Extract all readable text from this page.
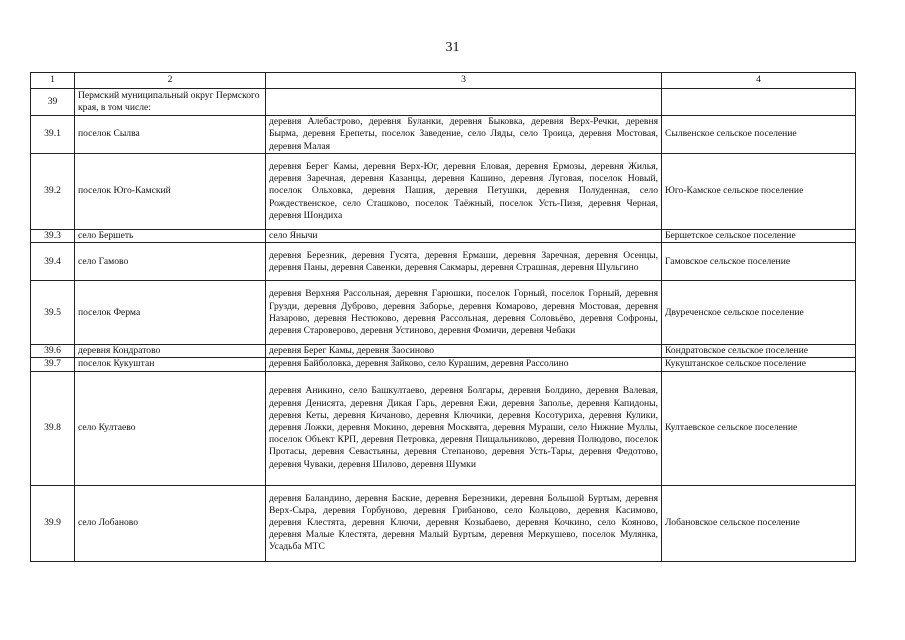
31
1	2	3	4
39	Пермский муниципальный округ Пермского края, в том числе:		
39.1	поселок Сылва	деревня Алебастрово, деревня Буланки, деревня Быковка, деревня Верх-Речки, деревня Бырма, деревня Ерепеты, поселок Заведение, село Ляды, село Троица, деревня Мостовая, деревня Малая	Сылвенское сельское поселение
39.2	поселок Юго-Камский	деревня Берег Камы, деревня Верх-Юг, деревня Еловая, деревня Ермозы, деревня Жилья, деревня Заречная, деревня Казанцы, деревня Кашино, деревня Луговая, поселок Новый, поселок Ольховка, деревня Пашия, деревня Петушки, деревня Полуденная, село Рождественское, село Сташково, поселок Таёжный, поселок Усть-Пизя, деревня Черная, деревня Шондиха	Юго-Камское сельское поселение
39.3	село Бершеть	село Янычи	Бершетское сельское поселение
39.4	село Гамово	деревня Березник, деревня Гусята, деревня Ермаши, деревня Заречная, деревня Осенцы, деревня Паны, деревня Савенки, деревня Сакмары, деревня Страшная, деревня Шульгино	Гамовское сельское поселение
39.5	поселок Ферма	деревня Верхняя Рассольная, деревня Гарюшки, поселок Горный, поселок Горный, деревня Грузди, деревня Дуброво, деревня Заборье, деревня Комарово, деревня Мостовая, деревня Назарово, деревня Нестюково, деревня Рассольная, деревня Соловьёво, деревня Софроны, деревня Староверово, деревня Устиново, деревня Фомичи, деревня Чебаки	Двуреченское сельское поселение
39.6	деревня Кондратово	деревня Берег Камы, деревня Заосиново	Кондратовское сельское поселение
39.7	поселок Кукуштан	деревня Байболовка, деревня Зайково, село Курашим, деревня Рассолино	Кукуштанское сельское поселение
39.8	село Култаево	деревня Аникино, село Башкултаево, деревня Болгары, деревня Болдино, деревня Валевая, деревня Денисята, деревня Дикая Гарь, деревня Ежи, деревня Заполье, деревня Капидоны, деревня Кеты, деревня Кичаново, деревня Ключики, деревня Косотуриха, деревня Кулики, деревня Ложки, деревня Мокино, деревня Москвята, деревня Мураши, село Нижние Муллы, поселок Объект КРП, деревня Петровка, деревня Пищальниково, деревня Полюдово, поселок Протасы, деревня Севастьяны, деревня Степаново, деревня Усть-Тары, деревня Федотово, деревня Чуваки, деревня Шилово, деревня Шумки	Култаевское сельское поселение
39.9	село Лобаново	деревня Баландино, деревня Баские, деревня Березники, деревня Большой Буртым, деревня Верх-Сыра, деревня Горбуново, деревня Грибаново, село Кольцово, деревня Касимово, деревня Клестята, деревня Ключи, деревня Козыбаево, деревня Кочкино, село Кояново, деревня Малые Клестята, деревня Малый Буртым, деревня Меркушево, поселок Мулянка, Усадьба МТС	Лобановское сельское поселение
